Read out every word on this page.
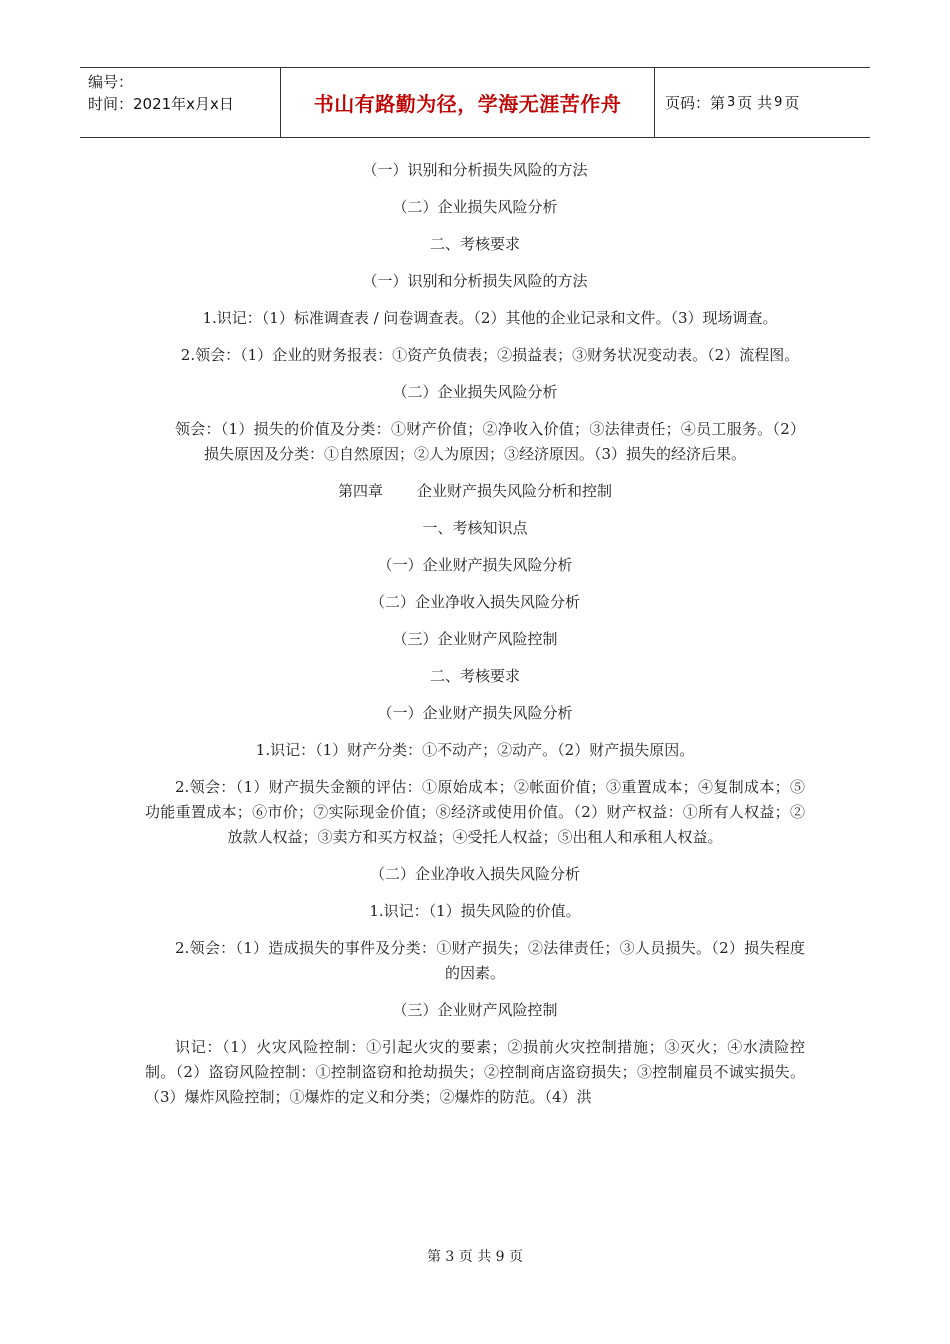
编号：
时间：2021年x月x日	书山有路勤为径，学海无涯苦作舟	页码：第 3 页 共 9 页
（一）识别和分析损失风险的方法
（二）企业损失风险分析
二、考核要求
（一）识别和分析损失风险的方法
1.识记：（1）标准调查表 / 问卷调查表。（2）其他的企业记录和文件。（3）现场调查。
2.领会：（1）企业的财务报表：①资产负债表；②损益表；③财务状况变动表。（2）流程图。
（二）企业损失风险分析
领会：（1）损失的价值及分类：①财产价值；②净收入价值；③法律责任；④员工服务。（2）损失原因及分类：①自然原因；②人为原因；③经济原因。（3）损失的经济后果。
第四章 企业财产损失风险分析和控制
一、考核知识点
（一）企业财产损失风险分析
（二）企业净收入损失风险分析
（三）企业财产风险控制
二、考核要求
（一）企业财产损失风险分析
1.识记：（1）财产分类：①不动产；②动产。（2）财产损失原因。
2.领会：（1）财产损失金额的评估：①原始成本；②帐面价值；③重置成本；④复制成本；⑤功能重置成本；⑥市价；⑦实际现金价值；⑧经济或使用价值。（2）财产权益：①所有人权益；②放款人权益；③卖方和买方权益；④受托人权益；⑤出租人和承租人权益。
（二）企业净收入损失风险分析
1.识记：（1）损失风险的价值。
2.领会：（1）造成损失的事件及分类：①财产损失；②法律责任；③人员损失。（2）损失程度的因素。
（三）企业财产风险控制
识记：（1）火灾风险控制：①引起火灾的要素；②损前火灾控制措施；③灭火；④水渍险控制。（2）盗窃风险控制：①控制盗窃和抢劫损失；②控制商店盗窃损失；③控制雇员不诚实损失。（3）爆炸风险控制；①爆炸的定义和分类；②爆炸的防范。（4）洪
第 3 页 共 9 页
